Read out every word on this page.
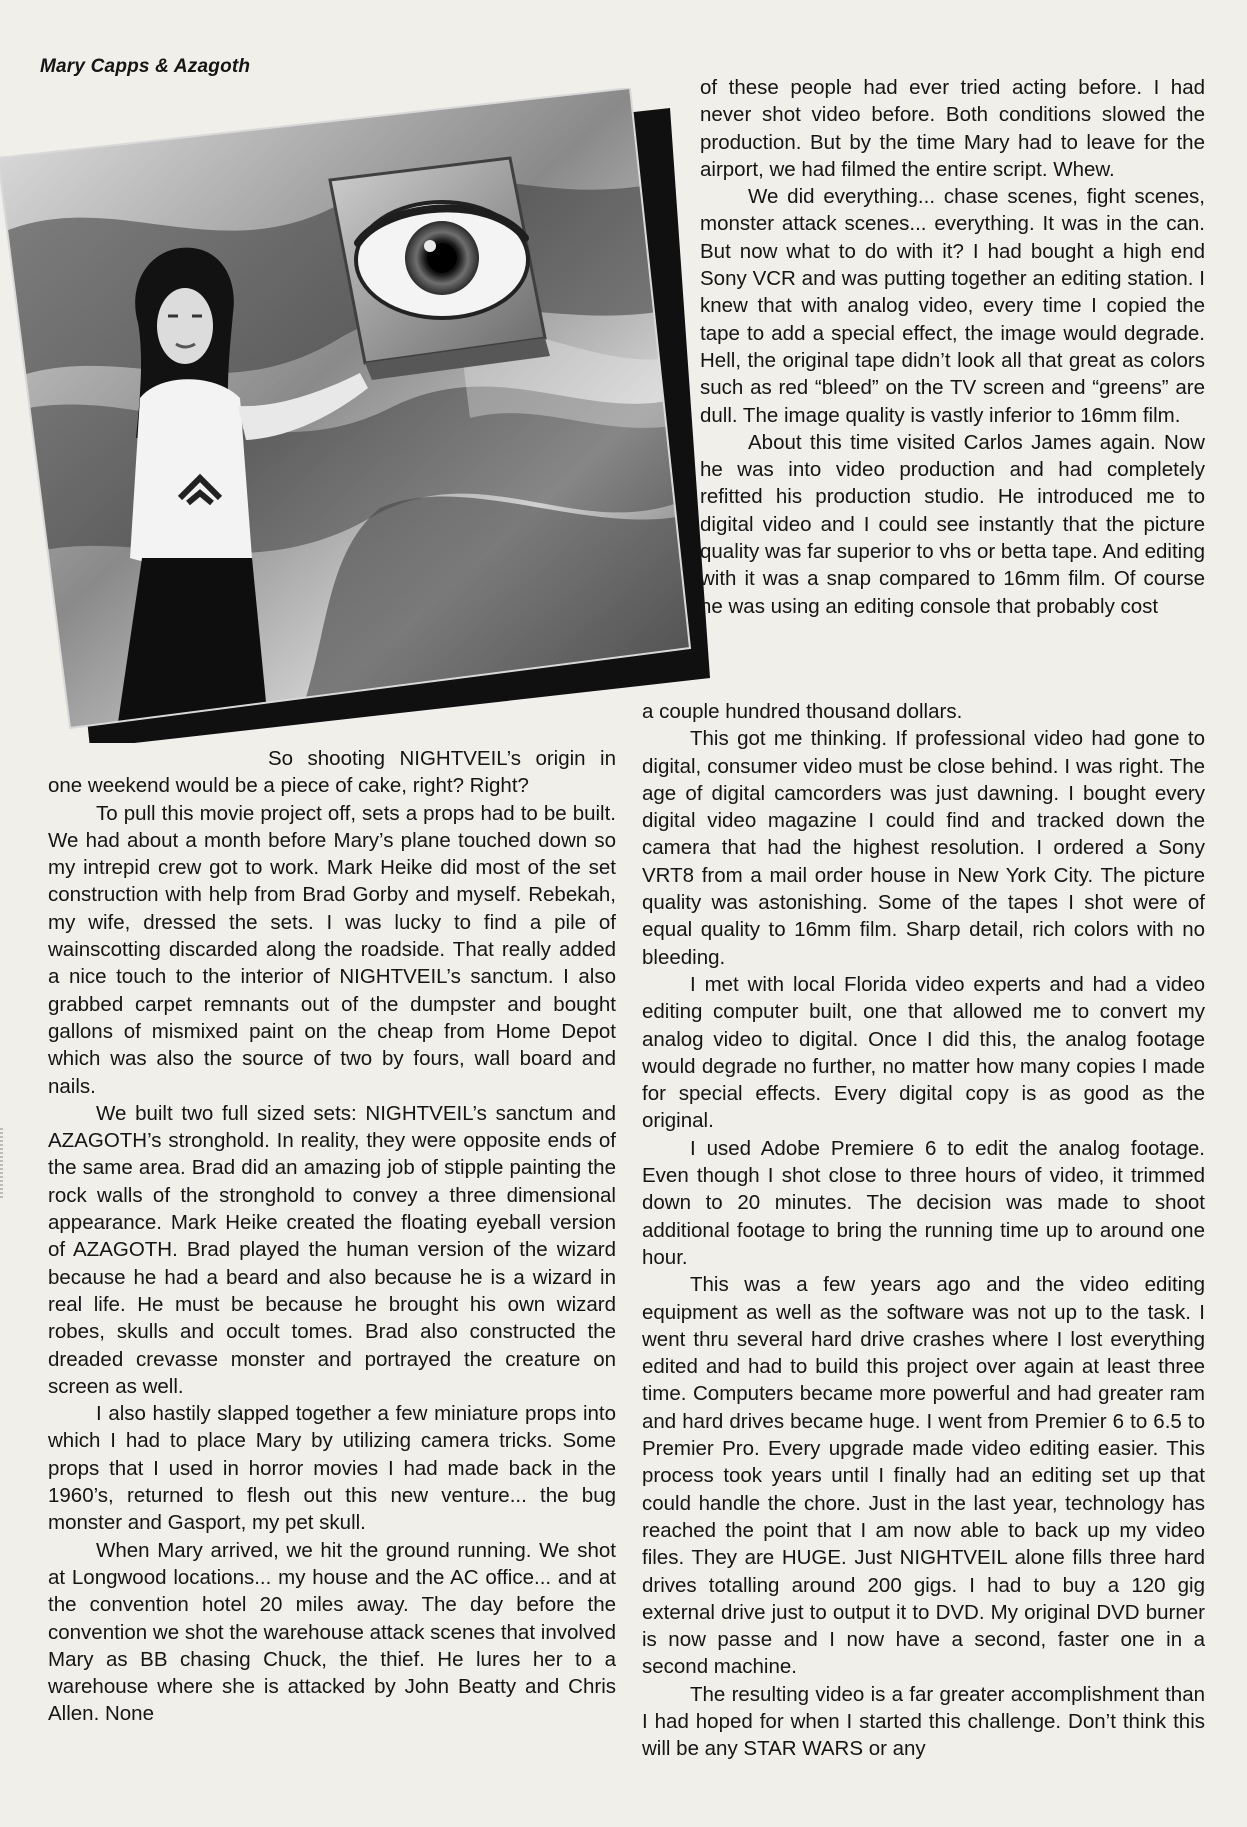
Mary Capps & Azagoth

of these people had ever tried acting before. I had never shot video before. Both conditions slowed the production. But by the time Mary had to leave for the airport, we had filmed the entire script. Whew.

We did everything... chase scenes, fight scenes, monster attack scenes... everything. It was in the can. But now what to do with it? I had bought a high end Sony VCR and was putting together an editing station. I knew that with analog video, every time I copied the tape to add a special effect, the image would degrade. Hell, the original tape didn’t look all that great as colors such as red “bleed” on the TV screen and “greens” are dull. The image quality is vastly inferior to 16mm film.

About this time visited Carlos James again. Now he was into video production and had completely refitted his production studio. He introduced me to digital video and I could see instantly that the picture quality was far superior to vhs or betta tape. And editing with it was a snap compared to 16mm film. Of course he was using an editing console that probably cost

a couple hundred thousand dollars.

This got me thinking. If professional video had gone to digital, consumer video must be close behind. I was right. The age of digital camcorders was just dawning. I bought every digital video magazine I could find and tracked down the camera that had the highest resolution. I ordered a Sony VRT8 from a mail order house in New York City. The picture quality was astonishing. Some of the tapes I shot were of equal quality to 16mm film. Sharp detail, rich colors with no bleeding.

I met with local Florida video experts and had a video editing computer built, one that allowed me to convert my analog video to digital. Once I did this, the analog footage would degrade no further, no matter how many copies I made for special effects. Every digital copy is as good as the original.

I used Adobe Premiere 6 to edit the analog footage. Even though I shot close to three hours of video, it trimmed down to 20 minutes. The decision was made to shoot additional footage to bring the running time up to around one hour.

This was a few years ago and the video editing equipment as well as the software was not up to the task. I went thru several hard drive crashes where I lost everything edited and had to build this project over again at least three time. Computers became more powerful and had greater ram and hard drives became huge. I went from Premier 6 to 6.5 to Premier Pro. Every upgrade made video editing easier. This process took years until I finally had an editing set up that could handle the chore. Just in the last year, technology has reached the point that I am now able to back up my video files. They are HUGE. Just NIGHTVEIL alone fills three hard drives totalling around 200 gigs. I had to buy a 120 gig external drive just to output it to DVD. My original DVD burner is now passe and I now have a second, faster one in a second machine.

The resulting video is a far greater accomplishment than I had hoped for when I started this challenge. Don’t think this will be any STAR WARS or any

So shooting NIGHTVEIL’s origin in one weekend would be a piece of cake, right? Right?

To pull this movie project off, sets a props had to be built. We had about a month before Mary’s plane touched down so my intrepid crew got to work. Mark Heike did most of the set construction with help from Brad Gorby and myself. Rebekah, my wife, dressed the sets. I was lucky to find a pile of wainscotting discarded along the roadside. That really added a nice touch to the interior of NIGHTVEIL’s sanctum. I also grabbed carpet remnants out of the dumpster and bought gallons of mismixed paint on the cheap from Home Depot which was also the source of two by fours, wall board and nails.

We built two full sized sets: NIGHTVEIL’s sanctum and AZAGOTH’s stronghold. In reality, they were opposite ends of the same area. Brad did an amazing job of stipple painting the rock walls of the stronghold to convey a three dimensional appearance. Mark Heike created the floating eyeball version of AZAGOTH. Brad played the human version of the wizard because he had a beard and also because he is a wizard in real life. He must be because he brought his own wizard robes, skulls and occult tomes. Brad also constructed the dreaded crevasse monster and portrayed the creature on screen as well.

I also hastily slapped together a few miniature props into which I had to place Mary by utilizing camera tricks. Some props that I used in horror movies I had made back in the 1960’s, returned to flesh out this new venture... the bug monster and Gasport, my pet skull.

When Mary arrived, we hit the ground running. We shot at Longwood locations... my house and the AC office... and at the convention hotel 20 miles away. The day before the convention we shot the warehouse attack scenes that involved Mary as BB chasing Chuck, the thief. He lures her to a warehouse where she is attacked by John Beatty and Chris Allen. None
